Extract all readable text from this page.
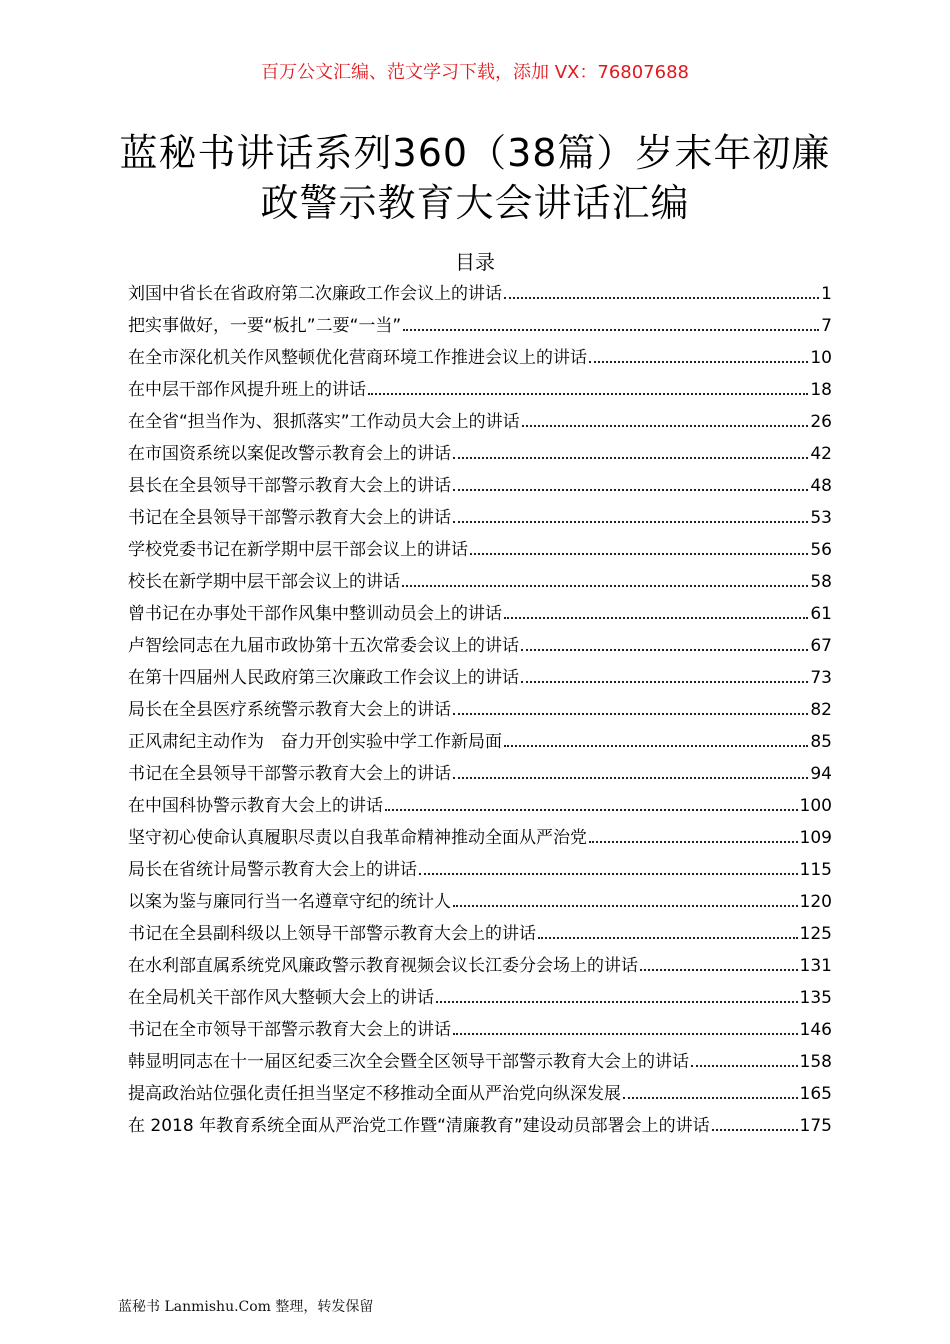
百万公文汇编、范文学习下载，添加 VX：76807688
蓝秘书讲话系列360（38篇）岁末年初廉
政警示教育大会讲话汇编
目录
刘国中省长在省政府第二次廉政工作会议上的讲话	1
把实事做好，一要“板扎”二要“一当”	7
在全市深化机关作风整顿优化营商环境工作推进会议上的讲话	10
在中层干部作风提升班上的讲话	18
在全省“担当作为、狠抓落实”工作动员大会上的讲话	26
在市国资系统以案促改警示教育会上的讲话	42
县长在全县领导干部警示教育大会上的讲话	48
书记在全县领导干部警示教育大会上的讲话	53
学校党委书记在新学期中层干部会议上的讲话	56
校长在新学期中层干部会议上的讲话	58
曾书记在办事处干部作风集中整训动员会上的讲话	61
卢智绘同志在九届市政协第十五次常委会议上的讲话	67
在第十四届州人民政府第三次廉政工作会议上的讲话	73
局长在全县医疗系统警示教育大会上的讲话	82
正风肃纪主动作为　奋力开创实验中学工作新局面	85
书记在全县领导干部警示教育大会上的讲话	94
在中国科协警示教育大会上的讲话	100
坚守初心使命认真履职尽责以自我革命精神推动全面从严治党	109
局长在省统计局警示教育大会上的讲话	115
以案为鉴与廉同行当一名遵章守纪的统计人	120
书记在全县副科级以上领导干部警示教育大会上的讲话	125
在水利部直属系统党风廉政警示教育视频会议长江委分会场上的讲话	131
在全局机关干部作风大整顿大会上的讲话	135
书记在全市领导干部警示教育大会上的讲话	146
韩显明同志在十一届区纪委三次全会暨全区领导干部警示教育大会上的讲话	158
提高政治站位强化责任担当坚定不移推动全面从严治党向纵深发展	165
在 2018 年教育系统全面从严治党工作暨“清廉教育”建设动员部署会上的讲话	175
蓝秘书 Lanmishu.Com 整理，转发保留
